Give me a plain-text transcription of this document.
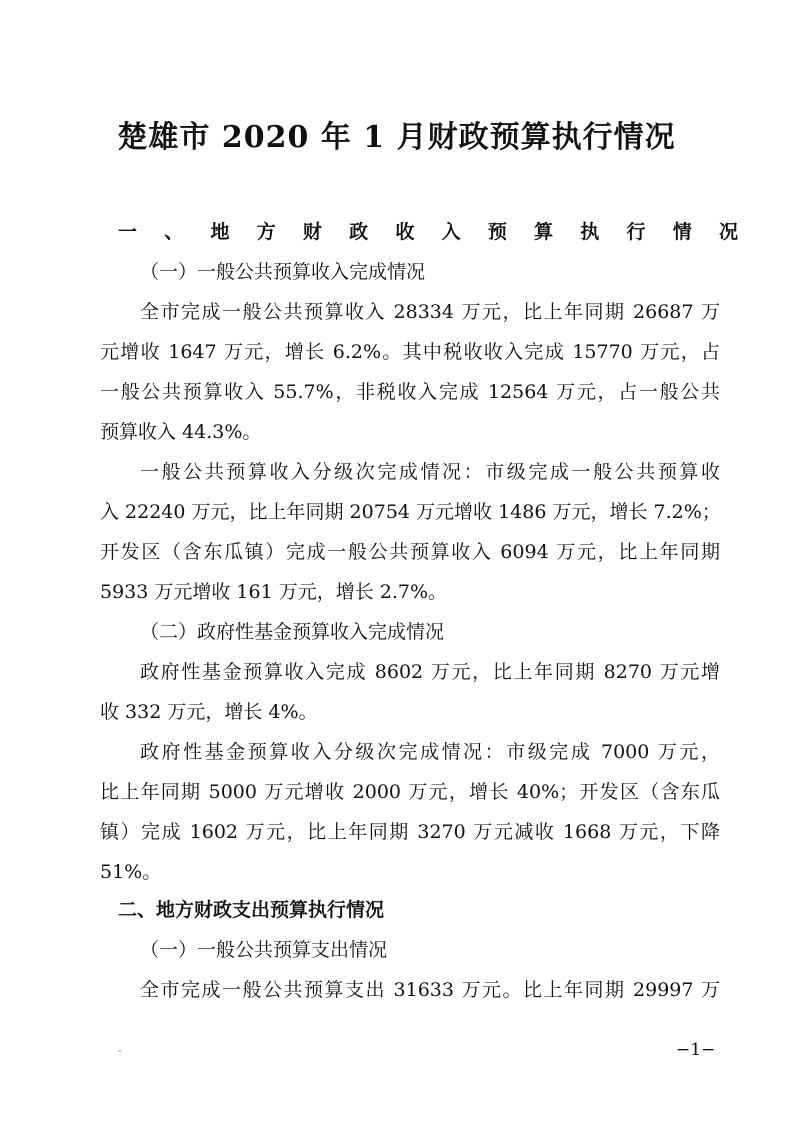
楚雄市 2020 年 1 月财政预算执行情况
一、地方财政收入预算执行情况
（一）一般公共预算收入完成情况
全市完成一般公共预算收入 28334 万元，比上年同期 26687 万
元增收 1647 万元，增长 6.2%。其中税收收入完成 15770 万元，占
一般公共预算收入 55.7%，非税收入完成 12564 万元，占一般公共
预算收入 44.3%。
一般公共预算收入分级次完成情况：市级完成一般公共预算收
入 22240 万元，比上年同期 20754 万元增收 1486 万元，增长 7.2%；
开发区（含东瓜镇）完成一般公共预算收入 6094 万元，比上年同期
5933 万元增收 161 万元，增长 2.7%。
（二）政府性基金预算收入完成情况
政府性基金预算收入完成 8602 万元，比上年同期 8270 万元增
收 332 万元，增长 4%。
政府性基金预算收入分级次完成情况：市级完成 7000 万元，
比上年同期 5000 万元增收 2000 万元，增长 40%；开发区（含东瓜
镇）完成 1602 万元，比上年同期 3270 万元减收 1668 万元，下降
51%。
二、地方财政支出预算执行情况
（一）一般公共预算支出情况
全市完成一般公共预算支出 31633 万元。比上年同期 29997 万
-	−1−
